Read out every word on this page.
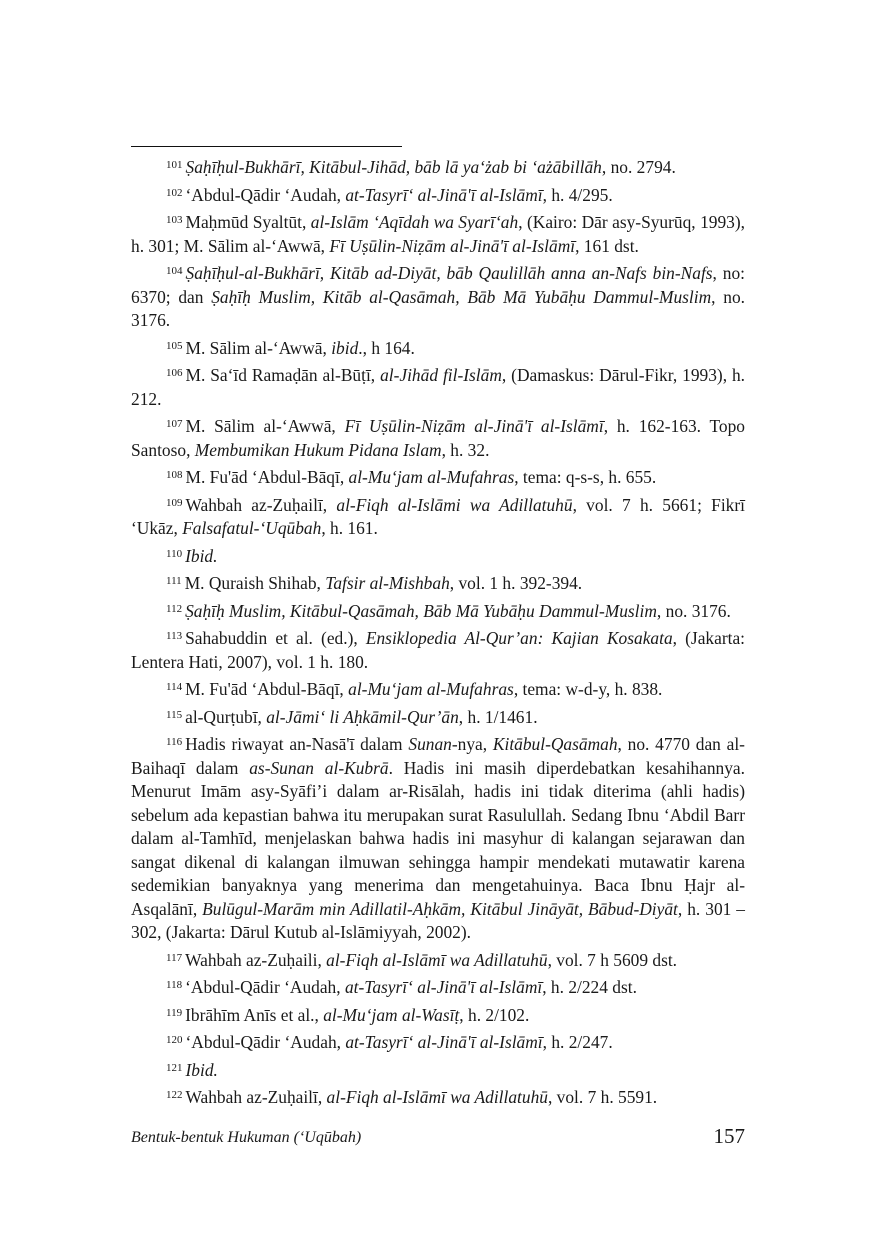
$^{101}$ Ṣaḥīḥul-Bukhārī, Kitābul-Jihād, bāb lā ya‘żab bi ‘ażābillāh, no. 2794.

$^{102}$ ‘Abdul-Qādir ‘Audah, at-Tasyrī‘ al-Jinā'ī al-Islāmī, h. 4/295.

$^{103}$ Maḥmūd Syaltūt, al-Islām ‘Aqīdah wa Syarī‘ah, (Kairo: Dār asy-Syurūq, 1993), h. 301; M. Sālim al-‘Awwā, Fī Uṣūlin-Niẓām al-Jinā'ī al-Islāmī, 161 dst.

$^{104}$ Ṣaḥīḥul-al-Bukhārī, Kitāb ad-Diyāt, bāb Qaulillāh anna an-Nafs bin-Nafs, no: 6370; dan Ṣaḥīḥ Muslim, Kitāb al-Qasāmah, Bāb Mā Yubāḥu Dammul-Muslim, no. 3176.

$^{105}$ M. Sālim al-‘Awwā, ibid., h 164.

$^{106}$ M. Sa‘īd Ramaḍān al-Būṭī, al-Jihād fil-Islām, (Damaskus: Dārul-Fikr, 1993), h. 212.

$^{107}$ M. Sālim al-‘Awwā, Fī Uṣūlin-Niẓām al-Jinā'ī al-Islāmī, h. 162-163. Topo Santoso, Membumikan Hukum Pidana Islam, h. 32.

$^{108}$ M. Fu'ād ‘Abdul-Bāqī, al-Mu‘jam al-Mufahras, tema: q-s-s, h. 655.

$^{109}$ Wahbah az-Zuḥailī, al-Fiqh al-Islāmi wa Adillatuhū, vol. 7 h. 5661; Fikrī ‘Ukāz, Falsafatul-‘Uqūbah, h. 161.

$^{110}$ Ibid.

$^{111}$ M. Quraish Shihab, Tafsir al-Mishbah, vol. 1 h. 392-394.

$^{112}$ Ṣaḥīḥ Muslim, Kitābul-Qasāmah, Bāb Mā Yubāḥu Dammul-Muslim, no. 3176.

$^{113}$ Sahabuddin et al. (ed.), Ensiklopedia Al-Qur’an: Kajian Kosakata, (Jakarta: Lentera Hati, 2007), vol. 1 h. 180.

$^{114}$ M. Fu'ād ‘Abdul-Bāqī, al-Mu‘jam al-Mufahras, tema: w-d-y, h. 838.

$^{115}$ al-Qurṭubī, al-Jāmi‘ li Aḥkāmil-Qur’ān, h. 1/1461.

$^{116}$ Hadis riwayat an-Nasā'ī dalam Sunan-nya, Kitābul-Qasāmah, no. 4770 dan al-Baihaqī dalam as-Sunan al-Kubrā. Hadis ini masih diperdebatkan kesahihannya. Menurut Imām asy-Syāfi’i dalam ar-Risālah, hadis ini tidak diterima (ahli hadis) sebelum ada kepastian bahwa itu merupakan surat Rasulullah. Sedang Ibnu ‘Abdil Barr dalam al-Tamhīd, menjelaskan bahwa hadis ini masyhur di kalangan sejarawan dan sangat dikenal di kalangan ilmuwan sehingga hampir mendekati mutawatir karena sedemikian banyaknya yang menerima dan mengetahuinya. Baca Ibnu Ḥajr al-Asqalānī, Bulūgul-Marām min Adillatil-Aḥkām, Kitābul Jināyāt, Bābud-Diyāt, h. 301 – 302, (Jakarta: Dārul Kutub al-Islāmiyyah, 2002).

$^{117}$ Wahbah az-Zuḥaili, al-Fiqh al-Islāmī wa Adillatuhū, vol. 7 h 5609 dst.

$^{118}$ ‘Abdul-Qādir ‘Audah, at-Tasyrī‘ al-Jinā'ī al-Islāmī, h. 2/224 dst.

$^{119}$ Ibrāhīm Anīs et al., al-Mu‘jam al-Wasīṭ, h. 2/102.

$^{120}$ ‘Abdul-Qādir ‘Audah, at-Tasyrī‘ al-Jinā'ī al-Islāmī, h. 2/247.

$^{121}$ Ibid.

$^{122}$ Wahbah az-Zuḥailī, al-Fiqh al-Islāmī wa Adillatuhū, vol. 7 h. 5591.

Bentuk-bentuk Hukuman (‘Uqūbah)	157
